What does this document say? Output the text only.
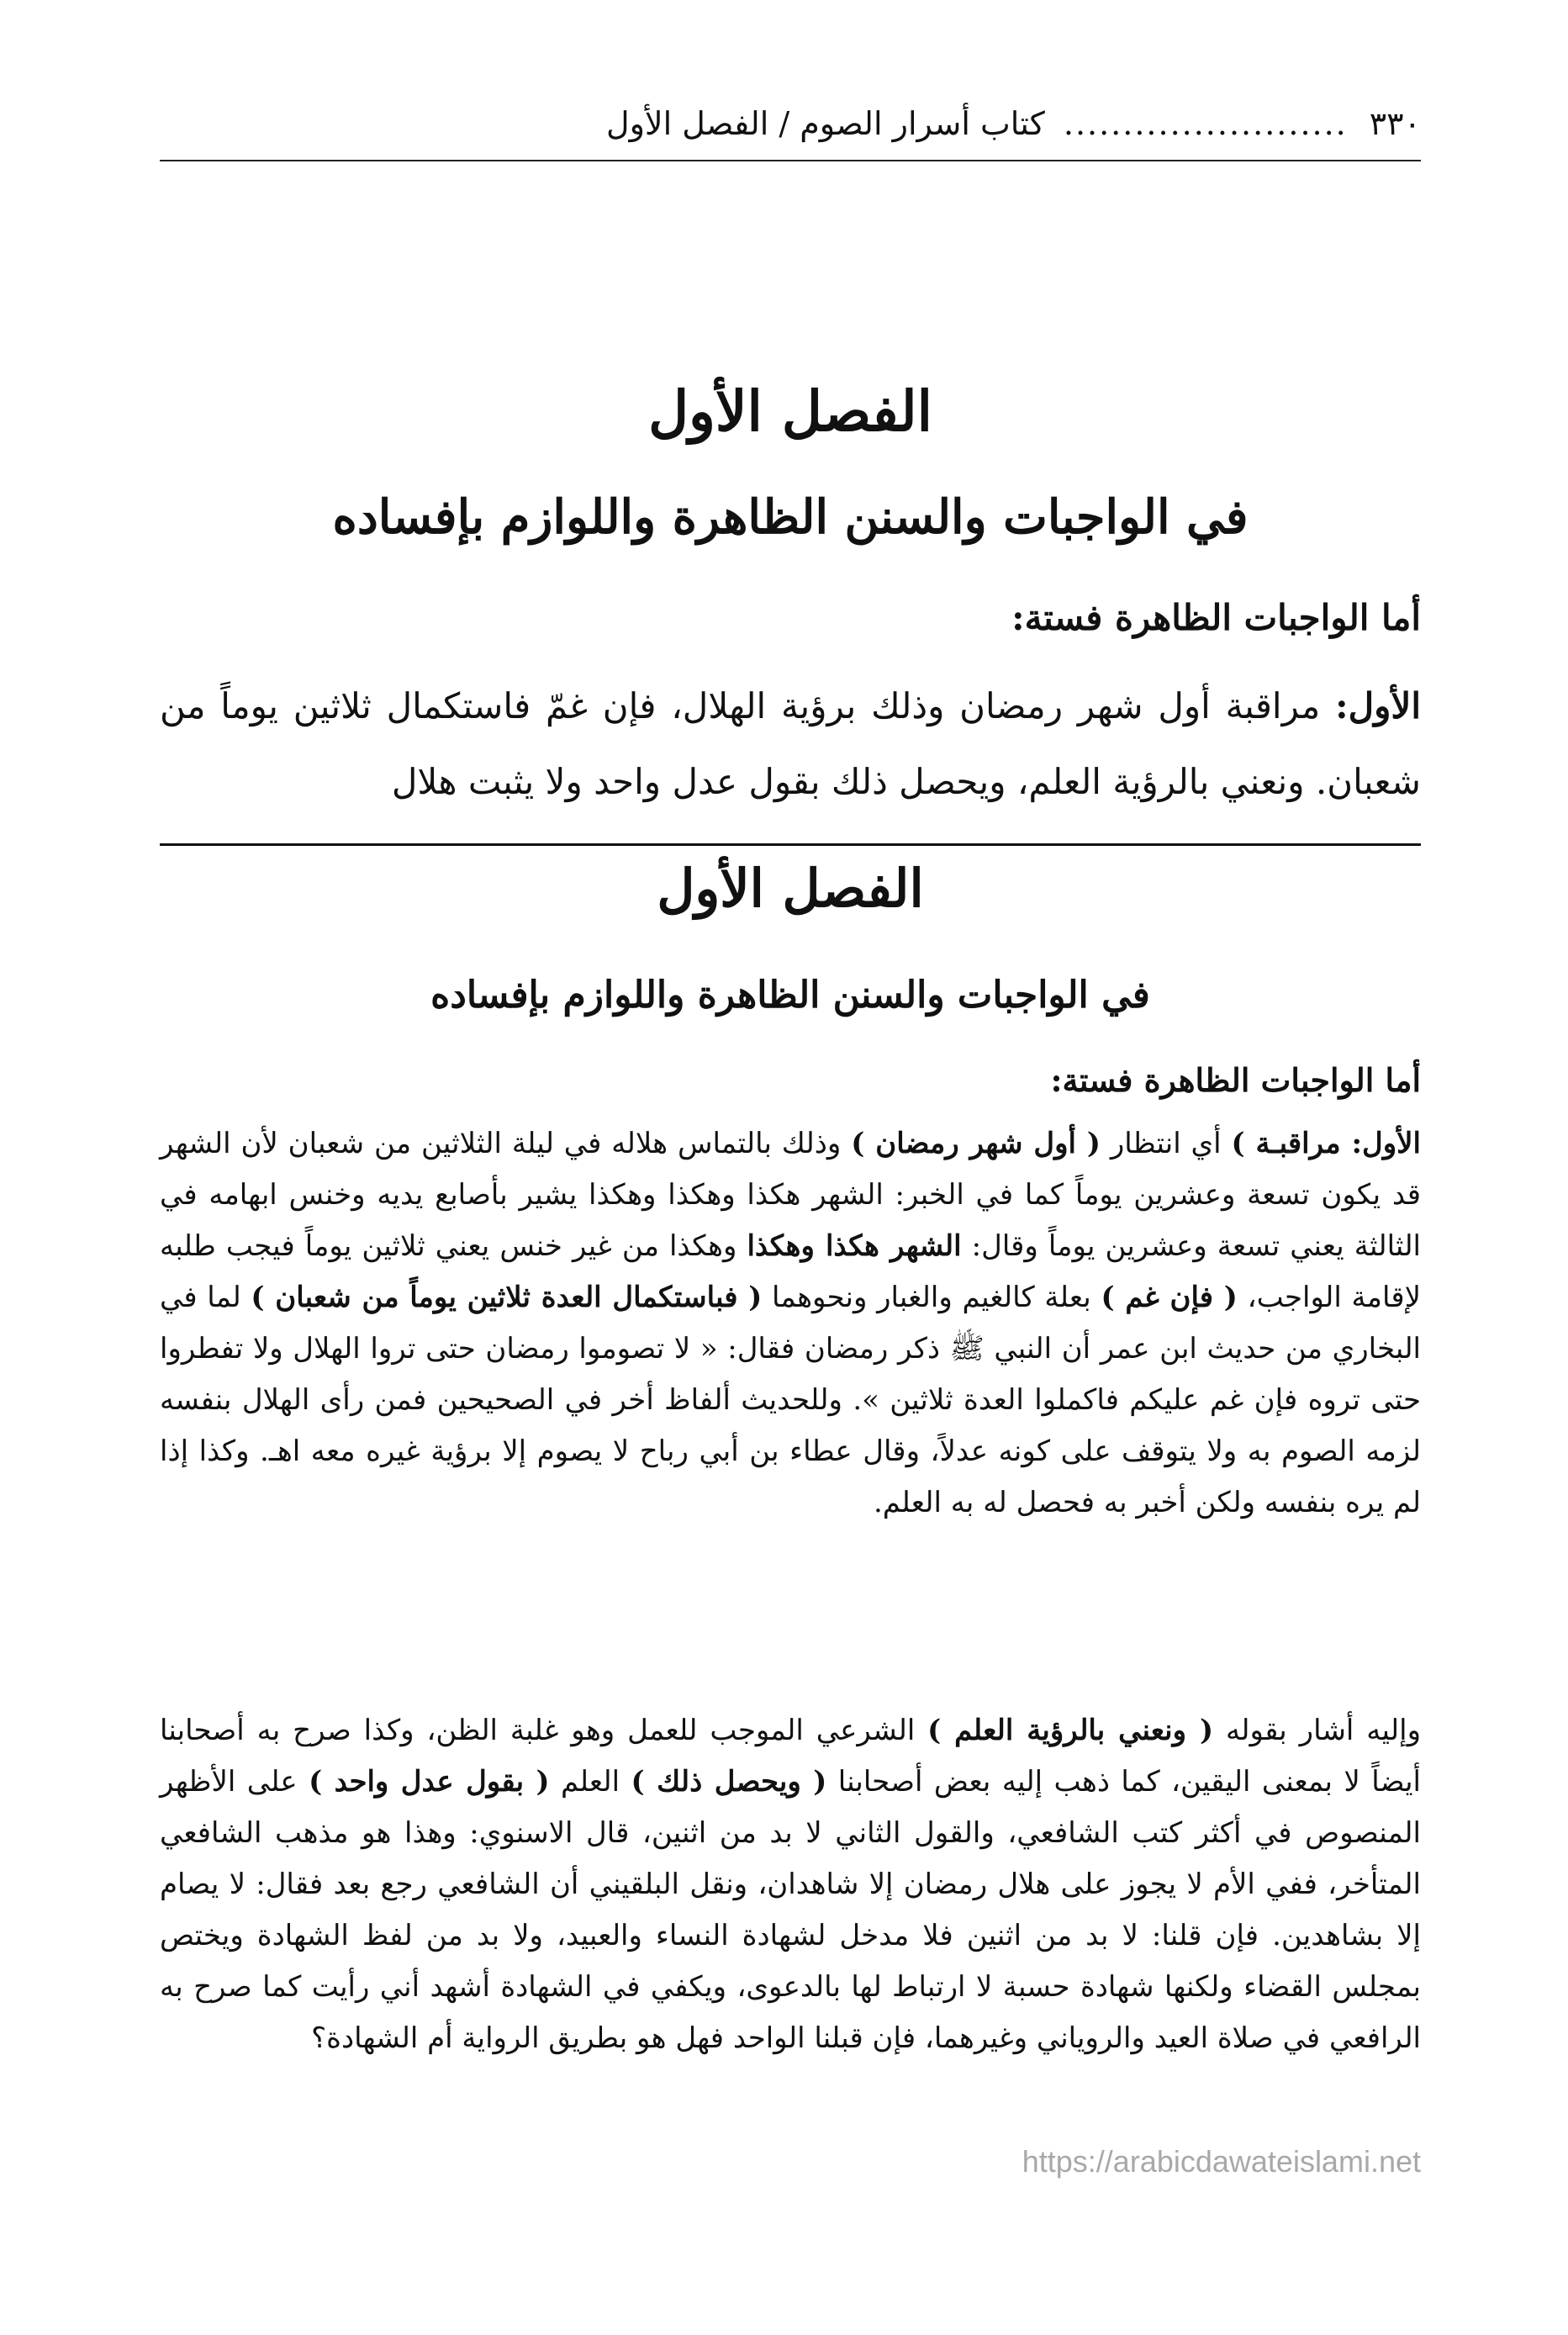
٣٣٠
........................
كتاب أسرار الصوم / الفصل الأول
الفصل الأول
في الواجبات والسنن الظاهرة واللوازم بإفساده
أما الواجبات الظاهرة فستة:

الأول: مراقبة أول شهر رمضان وذلك برؤية الهلال، فإن غمّ فاستكمال ثلاثين يوماً من شعبان. ونعني بالرؤية العلم، ويحصل ذلك بقول عدل واحد ولا يثبت هلال

الفصل الأول
في الواجبات والسنن الظاهرة واللوازم بإفساده
أما الواجبات الظاهرة فستة:

الأول: مراقبـة ) أي انتظار ( أول شهر رمضان ) وذلك بالتماس هلاله في ليلة الثلاثين من شعبان لأن الشهر قد يكون تسعة وعشرين يوماً كما في الخبر: الشهر هكذا وهكذا وهكذا يشير بأصابع يديه وخنس ابهامه في الثالثة يعني تسعة وعشرين يوماً وقال: الشهر هكذا وهكذا وهكذا من غير خنس يعني ثلاثين يوماً فيجب طلبه لإقامة الواجب، ( فإن غم ) بعلة كالغيم والغبار ونحوهما ( فباستكمال العدة ثلاثين يوماً من شعبان ) لما في البخاري من حديث ابن عمر أن النبي ﷺ ذكر رمضان فقال: « لا تصوموا رمضان حتى تروا الهلال ولا تفطروا حتى تروه فإن غم عليكم فاكملوا العدة ثلاثين ». وللحديث ألفاظ أخر في الصحيحين فمن رأى الهلال بنفسه لزمه الصوم به ولا يتوقف على كونه عدلاً، وقال عطاء بن أبي رباح لا يصوم إلا برؤية غيره معه اهـ. وكذا إذا لم يره بنفسه ولكن أخبر به فحصل له به العلم.

وإليه أشار بقوله ( ونعني بالرؤية العلم ) الشرعي الموجب للعمل وهو غلبة الظن، وكذا صرح به أصحابنا أيضاً لا بمعنى اليقين، كما ذهب إليه بعض أصحابنا ( ويحصل ذلك ) العلم ( بقول عدل واحد ) على الأظهر المنصوص في أكثر كتب الشافعي، والقول الثاني لا بد من اثنين، قال الاسنوي: وهذا هو مذهب الشافعي المتأخر، ففي الأم لا يجوز على هلال رمضان إلا شاهدان، ونقل البلقيني أن الشافعي رجع بعد فقال: لا يصام إلا بشاهدين. فإن قلنا: لا بد من اثنين فلا مدخل لشهادة النساء والعبيد، ولا بد من لفظ الشهادة ويختص بمجلس القضاء ولكنها شهادة حسبة لا ارتباط لها بالدعوى، ويكفي في الشهادة أشهد أني رأيت كما صرح به الرافعي في صلاة العيد والروياني وغيرهما، فإن قبلنا الواحد فهل هو بطريق الرواية أم الشهادة؟

https://arabicdawateislami.net
